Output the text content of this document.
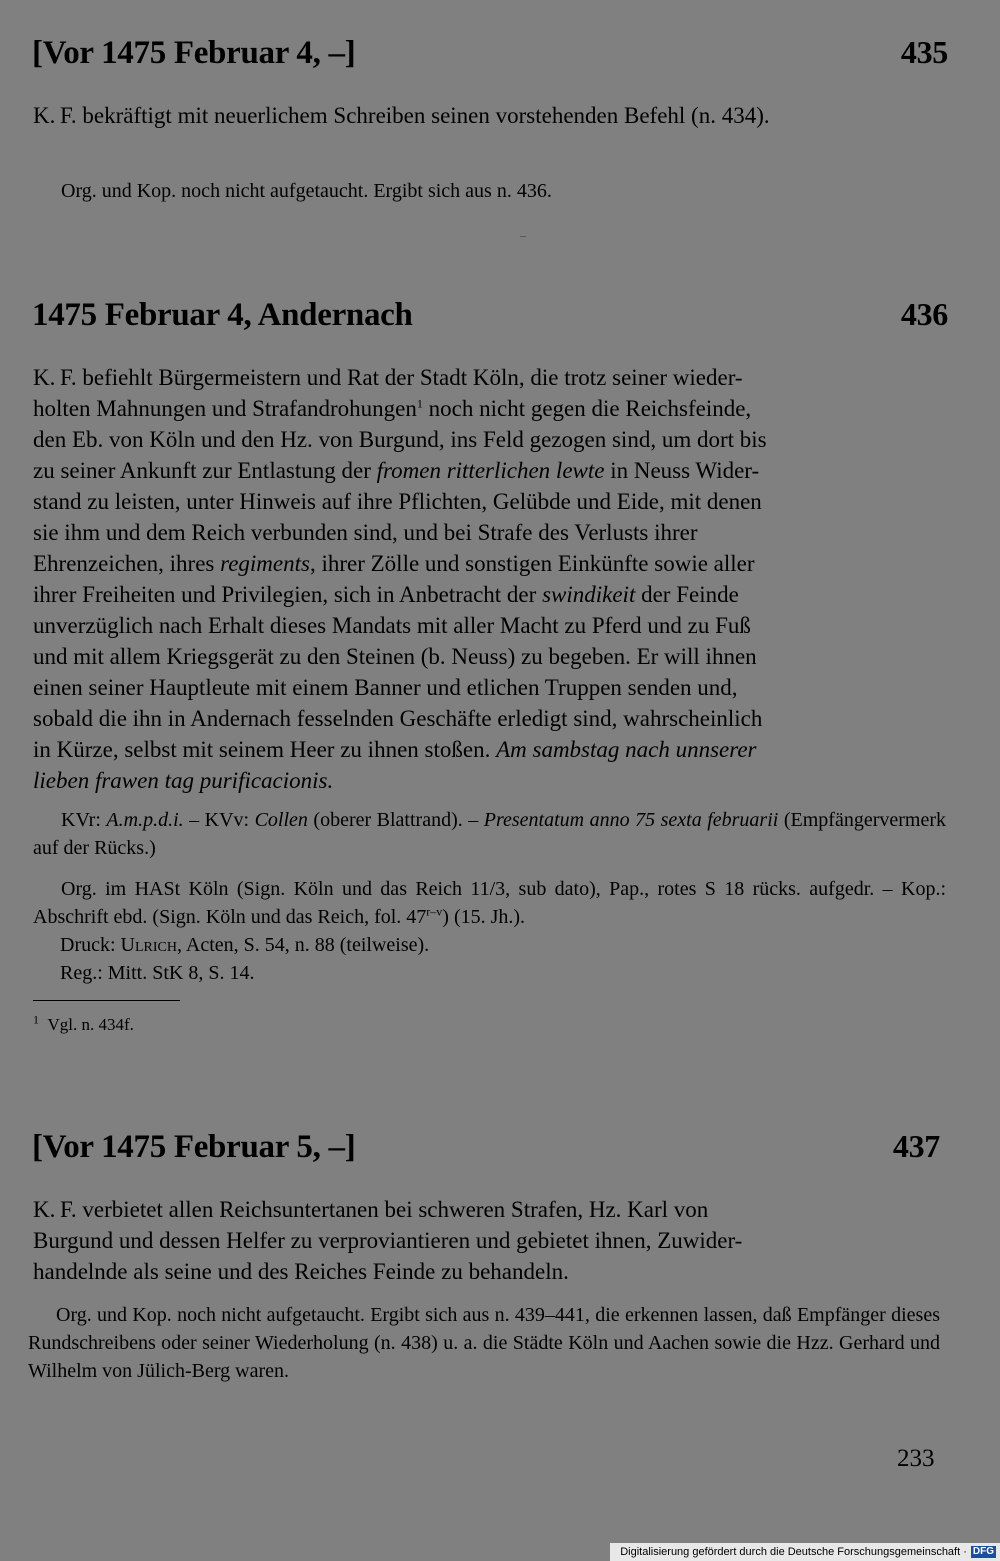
[Vor 1475 Februar 4, –]	435
K. F. bekräftigt mit neuerlichem Schreiben seinen vorstehenden Befehl (n. 434).
Org. und Kop. noch nicht aufgetaucht. Ergibt sich aus n. 436.
1475 Februar 4, Andernach	436
K. F. befiehlt Bürgermeistern und Rat der Stadt Köln, die trotz seiner wieder-
holten Mahnungen und Strafandrohungen$^1$ noch nicht gegen die Reichsfeinde,
den Eb. von Köln und den Hz. von Burgund, ins Feld gezogen sind, um dort bis
zu seiner Ankunft zur Entlastung der fromen ritterlichen lewte in Neuss Wider-
stand zu leisten, unter Hinweis auf ihre Pflichten, Gelübde und Eide, mit denen
sie ihm und dem Reich verbunden sind, und bei Strafe des Verlusts ihrer
Ehrenzeichen, ihres regiments, ihrer Zölle und sonstigen Einkünfte sowie aller
ihrer Freiheiten und Privilegien, sich in Anbetracht der swindikeit der Feinde
unverzüglich nach Erhalt dieses Mandats mit aller Macht zu Pferd und zu Fuß
und mit allem Kriegsgerät zu den Steinen (b. Neuss) zu begeben. Er will ihnen
einen seiner Hauptleute mit einem Banner und etlichen Truppen senden und,
sobald die ihn in Andernach fesselnden Geschäfte erledigt sind, wahrscheinlich
in Kürze, selbst mit seinem Heer zu ihnen stoßen. Am sambstag nach unnserer
lieben frawen tag purificacionis.
KVr: A.m.p.d.i. – KVv: Collen (oberer Blattrand). – Presentatum anno 75 sexta februarii (Empfängervermerk auf der Rücks.)
Org. im HASt Köln (Sign. Köln und das Reich 11/3, sub dato), Pap., rotes S 18 rücks. aufgedr. – Kop.: Abschrift ebd. (Sign. Köln und das Reich, fol. 47$^{r-v}$) (15. Jh.).
Druck: Ulrich, Acten, S. 54, n. 88 (teilweise).
Reg.: Mitt. StK 8, S. 14.
$^1$ Vgl. n. 434f.
[Vor 1475 Februar 5, –]	437
K. F. verbietet allen Reichsuntertanen bei schweren Strafen, Hz. Karl von
Burgund und dessen Helfer zu verproviantieren und gebietet ihnen, Zuwider-
handelnde als seine und des Reiches Feinde zu behandeln.
Org. und Kop. noch nicht aufgetaucht. Ergibt sich aus n. 439–441, die erkennen lassen, daß Empfänger dieses Rundschreibens oder seiner Wiederholung (n. 438) u. a. die Städte Köln und Aachen sowie die Hzz. Gerhard und Wilhelm von Jülich-Berg waren.
233
Digitalisierung gefördert durch die Deutsche Forschungsgemeinschaft · DFG
